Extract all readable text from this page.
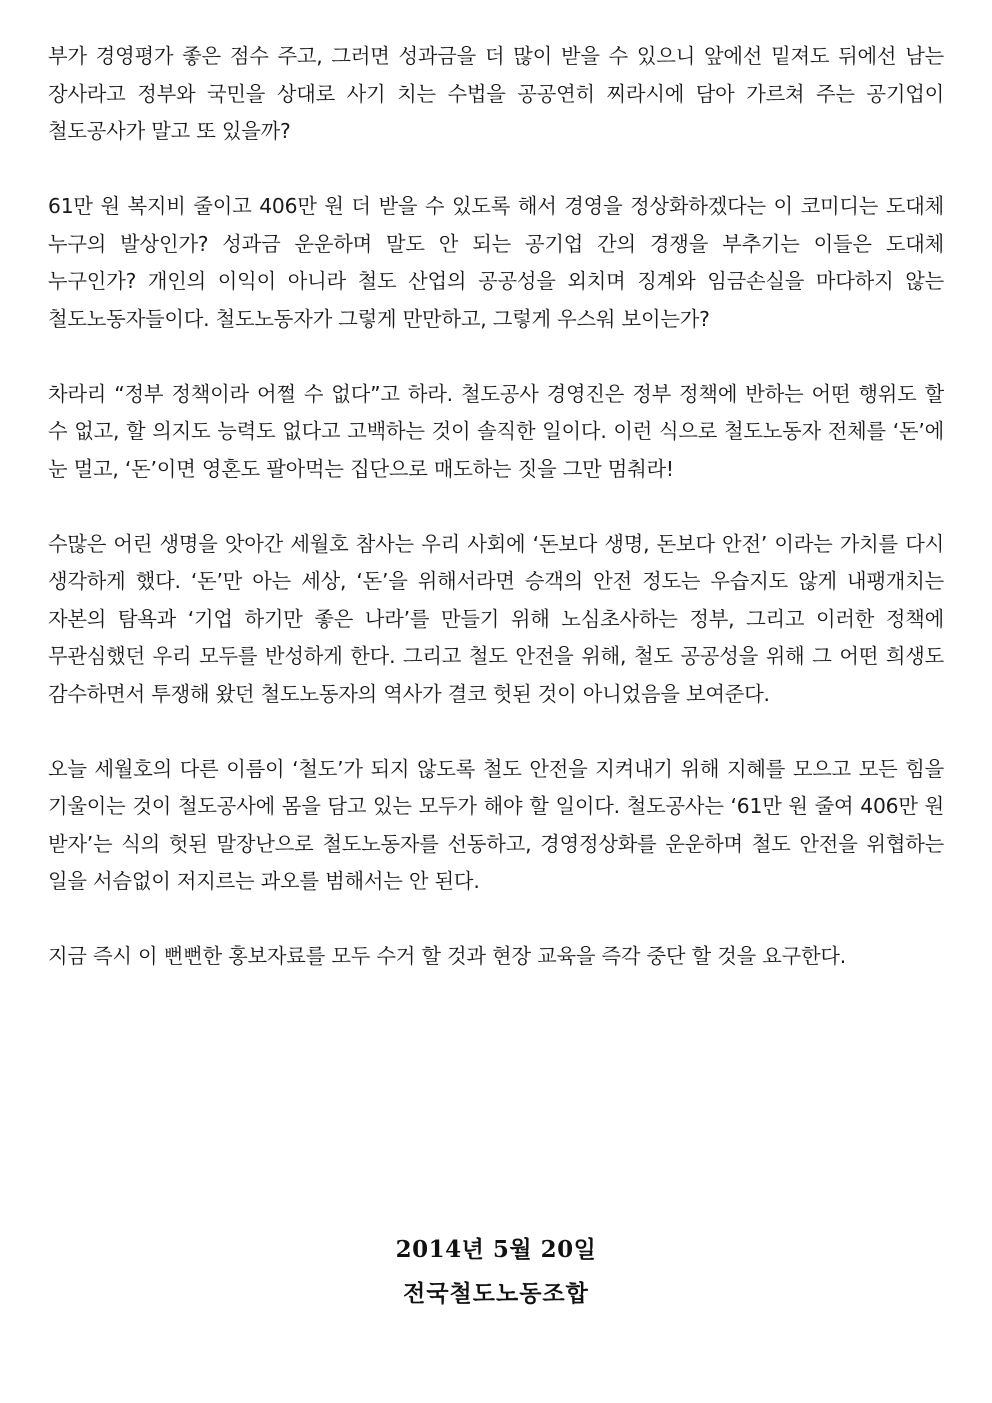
부가 경영평가 좋은 점수 주고, 그러면 성과금을 더 많이 받을 수 있으니 앞에선 밑져도 뒤에선 남는 장사라고 정부와 국민을 상대로 사기 치는 수법을 공공연히 찌라시에 담아 가르쳐 주는 공기업이 철도공사가 말고 또 있을까?

61만 원 복지비 줄이고 406만 원 더 받을 수 있도록 해서 경영을 정상화하겠다는 이 코미디는 도대체 누구의 발상인가? 성과금 운운하며 말도 안 되는 공기업 간의 경쟁을 부추기는 이들은 도대체 누구인가? 개인의 이익이 아니라 철도 산업의 공공성을 외치며 징계와 임금손실을 마다하지 않는 철도노동자들이다. 철도노동자가 그렇게 만만하고, 그렇게 우스워 보이는가?

차라리 “정부 정책이라 어쩔 수 없다”고 하라. 철도공사 경영진은 정부 정책에 반하는 어떤 행위도 할 수 없고, 할 의지도 능력도 없다고 고백하는 것이 솔직한 일이다. 이런 식으로 철도노동자 전체를 ‘돈’에 눈 멀고, ‘돈’이면 영혼도 팔아먹는 집단으로 매도하는 짓을 그만 멈춰라!

수많은 어린 생명을 앗아간 세월호 참사는 우리 사회에 ‘돈보다 생명, 돈보다 안전’ 이라는 가치를 다시 생각하게 했다. ‘돈’만 아는 세상, ‘돈’을 위해서라면 승객의 안전 정도는 우습지도 않게 내팽개치는 자본의 탐욕과 ‘기업 하기만 좋은 나라’를 만들기 위해 노심초사하는 정부, 그리고 이러한 정책에 무관심했던 우리 모두를 반성하게 한다. 그리고 철도 안전을 위해, 철도 공공성을 위해 그 어떤 희생도 감수하면서 투쟁해 왔던 철도노동자의 역사가 결코 헛된 것이 아니었음을 보여준다.

오늘 세월호의 다른 이름이 ‘철도’가 되지 않도록 철도 안전을 지켜내기 위해 지혜를 모으고 모든 힘을 기울이는 것이 철도공사에 몸을 담고 있는 모두가 해야 할 일이다. 철도공사는 ‘61만 원 줄여 406만 원 받자’는 식의 헛된 말장난으로 철도노동자를 선동하고, 경영정상화를 운운하며 철도 안전을 위협하는 일을 서슴없이 저지르는 과오를 범해서는 안 된다.

지금 즉시 이 뻔뻔한 홍보자료를 모두 수거 할 것과 현장 교육을 즉각 중단 할 것을 요구한다.

2014년 5월 20일
전국철도노동조합
